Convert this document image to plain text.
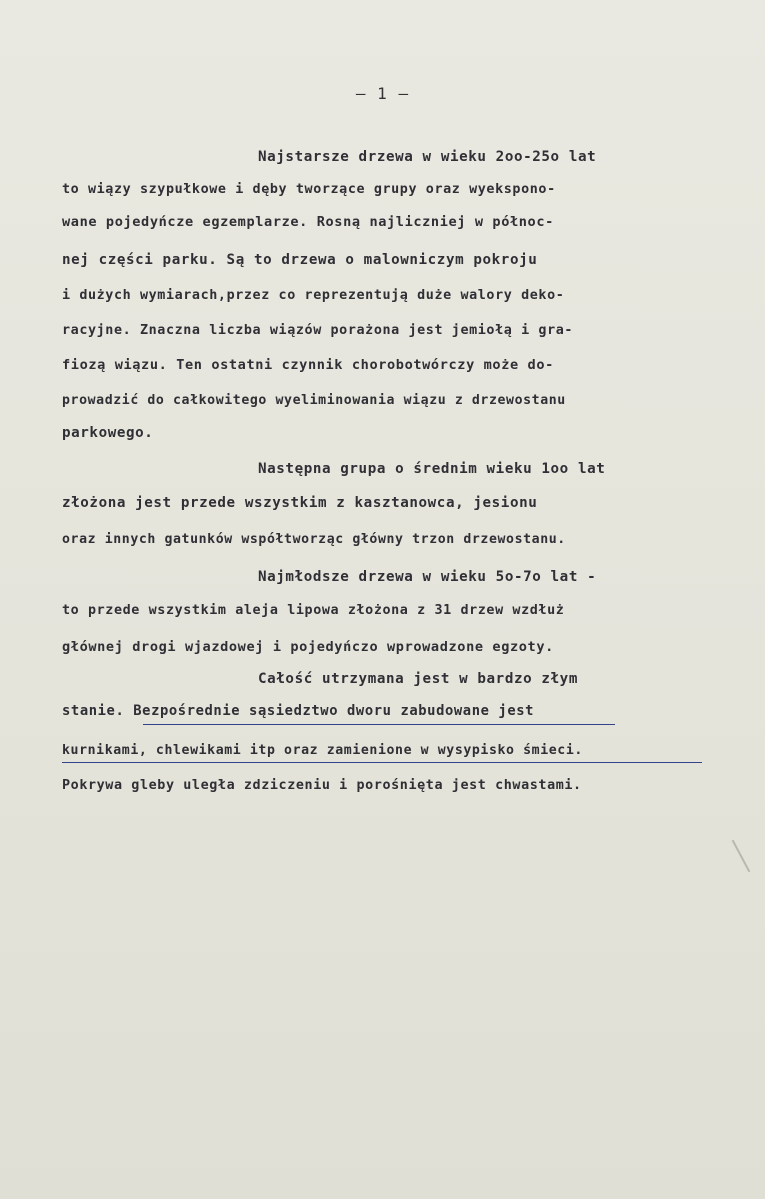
— 1 —
Najstarsze drzewa w wieku 2oo-25o lat
to wiązy szypułkowe i dęby tworzące grupy oraz wyekspono-
wane pojedyńcze egzemplarze. Rosną najliczniej w północ-
nej części parku. Są to drzewa o malowniczym pokroju
i dużych wymiarach,przez co reprezentują duże walory deko-
racyjne. Znaczna liczba wiązów porażona jest jemiołą i gra-
fiozą wiązu. Ten ostatni czynnik chorobotwórczy może do-
prowadzić do całkowitego wyeliminowania wiązu z drzewostanu
parkowego.
Następna grupa o średnim wieku 1oo lat
złożona jest przede wszystkim z kasztanowca, jesionu
oraz innych gatunków współtworząc główny trzon drzewostanu.
Najmłodsze drzewa w wieku 5o-7o lat -
to przede wszystkim aleja lipowa złożona z 31 drzew wzdłuż
głównej drogi wjazdowej i pojedyńczo wprowadzone egzoty.
Całość utrzymana jest w bardzo złym
stanie. Bezpośrednie sąsiedztwo dworu zabudowane jest
kurnikami, chlewikami itp oraz zamienione w wysypisko śmieci.
Pokrywa gleby uległa zdziczeniu i porośnięta jest chwastami.
